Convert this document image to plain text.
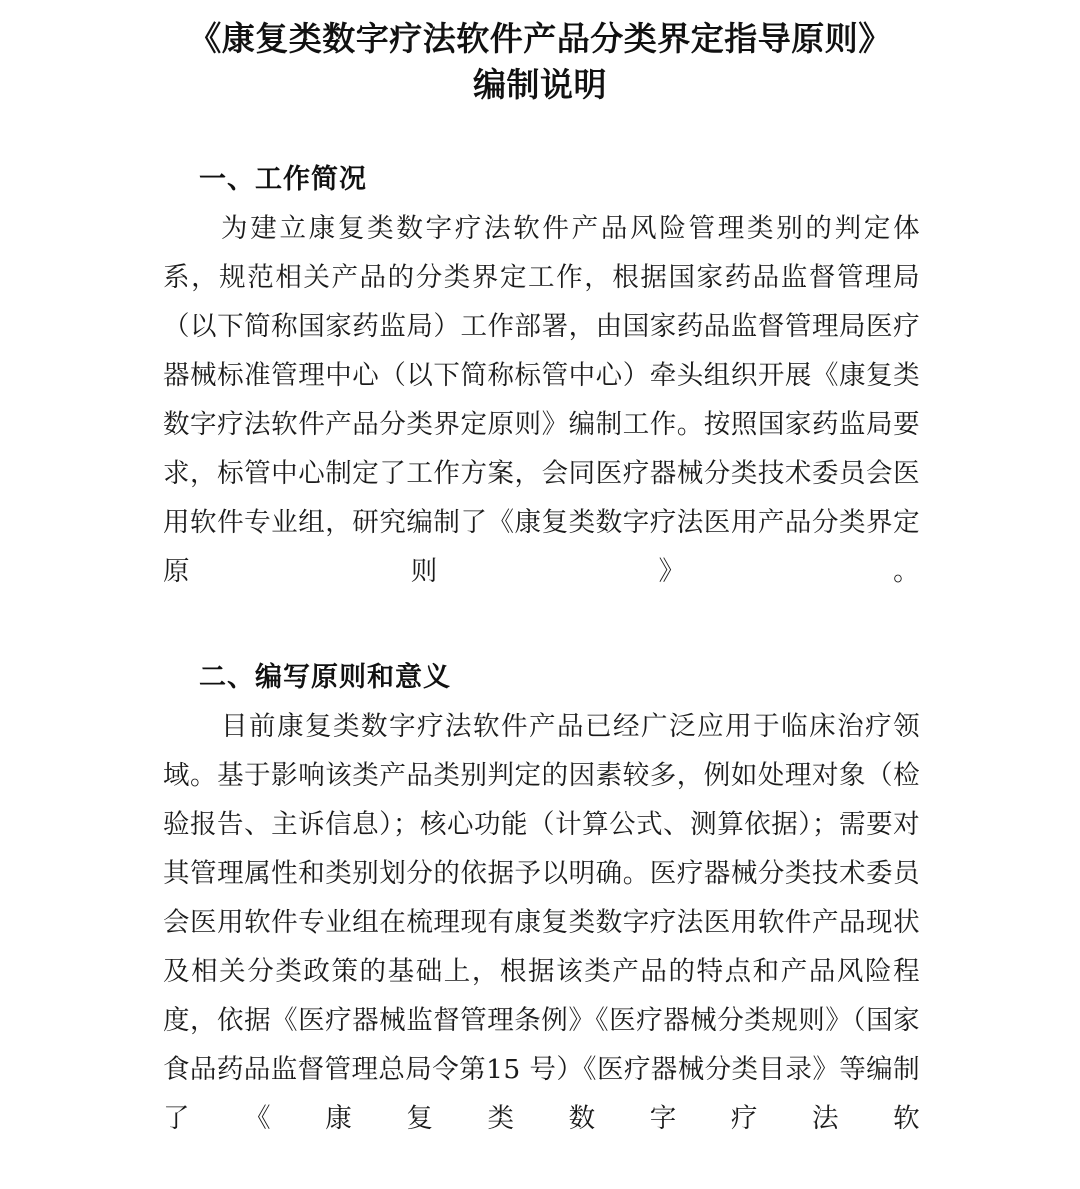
《康复类数字疗法软件产品分类界定指导原则》
编制说明
一、工作简况

为建立康复类数字疗法软件产品风险管理类别的判定体系，规范相关产品的分类界定工作，根据国家药品监督管理局（以下简称国家药监局）工作部署，由国家药品监督管理局医疗器械标准管理中心（以下简称标管中心）牵头组织开展《康复类数字疗法软件产品分类界定原则》编制工作。按照国家药监局要求，标管中心制定了工作方案，会同医疗器械分类技术委员会医用软件专业组，研究编制了《康复类数字疗法医用产品分类界定原则》。

二、编写原则和意义

目前康复类数字疗法软件产品已经广泛应用于临床治疗领域。基于影响该类产品类别判定的因素较多，例如处理对象（检验报告、主诉信息）；核心功能（计算公式、测算依据）；需要对其管理属性和类别划分的依据予以明确。医疗器械分类技术委员会医用软件专业组在梳理现有康复类数字疗法医用软件产品现状及相关分类政策的基础上，根据该类产品的特点和产品风险程度，依据《医疗器械监督管理条例》《医疗器械分类规则》（国家食品药品监督管理总局令第15 号）《医疗器械分类目录》等编制了《康复类数字疗法软
